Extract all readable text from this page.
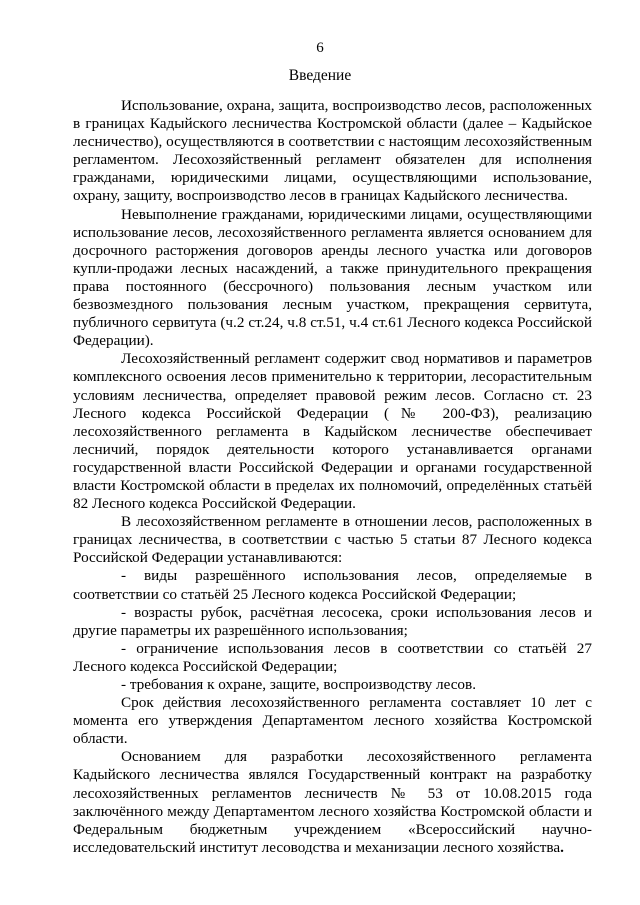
6
Введение

Использование, охрана, защита, воспроизводство лесов, расположенных в границах Кадыйского лесничества Костромской области (далее – Кадыйское лесничество), осуществляются в соответствии с настоящим лесохозяйственным регламентом. Лесохозяйственный регламент обязателен для исполнения гражданами, юридическими лицами, осуществляющими использование, охрану, защиту, воспроизводство лесов в границах Кадыйского лесничества.

Невыполнение гражданами, юридическими лицами, осуществляющими использование лесов, лесохозяйственного регламента является основанием для досрочного расторжения договоров аренды лесного участка или договоров купли-продажи лесных насаждений, а также принудительного прекращения права постоянного (бессрочного) пользования лесным участком или безвозмездного пользования лесным участком, прекращения сервитута, публичного сервитута (ч.2 ст.24, ч.8 ст.51, ч.4 ст.61 Лесного кодекса Российской Федерации).

Лесохозяйственный регламент содержит свод нормативов и параметров комплексного освоения лесов применительно к территории, лесорастительным условиям лесничества, определяет правовой режим лесов. Согласно ст. 23 Лесного кодекса Российской Федерации (№ 200-ФЗ), реализацию лесохозяйственного регламента в Кадыйском лесничестве обеспечивает лесничий, порядок деятельности которого устанавливается органами государственной власти Российской Федерации и органами государственной власти Костромской области в пределах их полномочий, определённых статьёй 82 Лесного кодекса Российской Федерации.

В лесохозяйственном регламенте в отношении лесов, расположенных в границах лесничества, в соответствии с частью 5 статьи 87 Лесного кодекса Российской Федерации устанавливаются:

- виды разрешённого использования лесов, определяемые в соответствии со статьёй 25 Лесного кодекса Российской Федерации;

- возрасты рубок, расчётная лесосека, сроки использования лесов и другие параметры их разрешённого использования;

- ограничение использования лесов в соответствии со статьёй 27 Лесного кодекса Российской Федерации;

- требования к охране, защите, воспроизводству лесов.

Срок действия лесохозяйственного регламента составляет 10 лет с момента его утверждения Департаментом лесного хозяйства Костромской области.

Основанием для разработки лесохозяйственного регламента Кадыйского лесничества являлся Государственный контракт на разработку лесохозяйственных регламентов лесничеств № 53 от 10.08.2015 года заключённого между Департаментом лесного хозяйства Костромской области и Федеральным бюджетным учреждением «Всероссийский научно-исследовательский институт лесоводства и механизации лесного хозяйства.
